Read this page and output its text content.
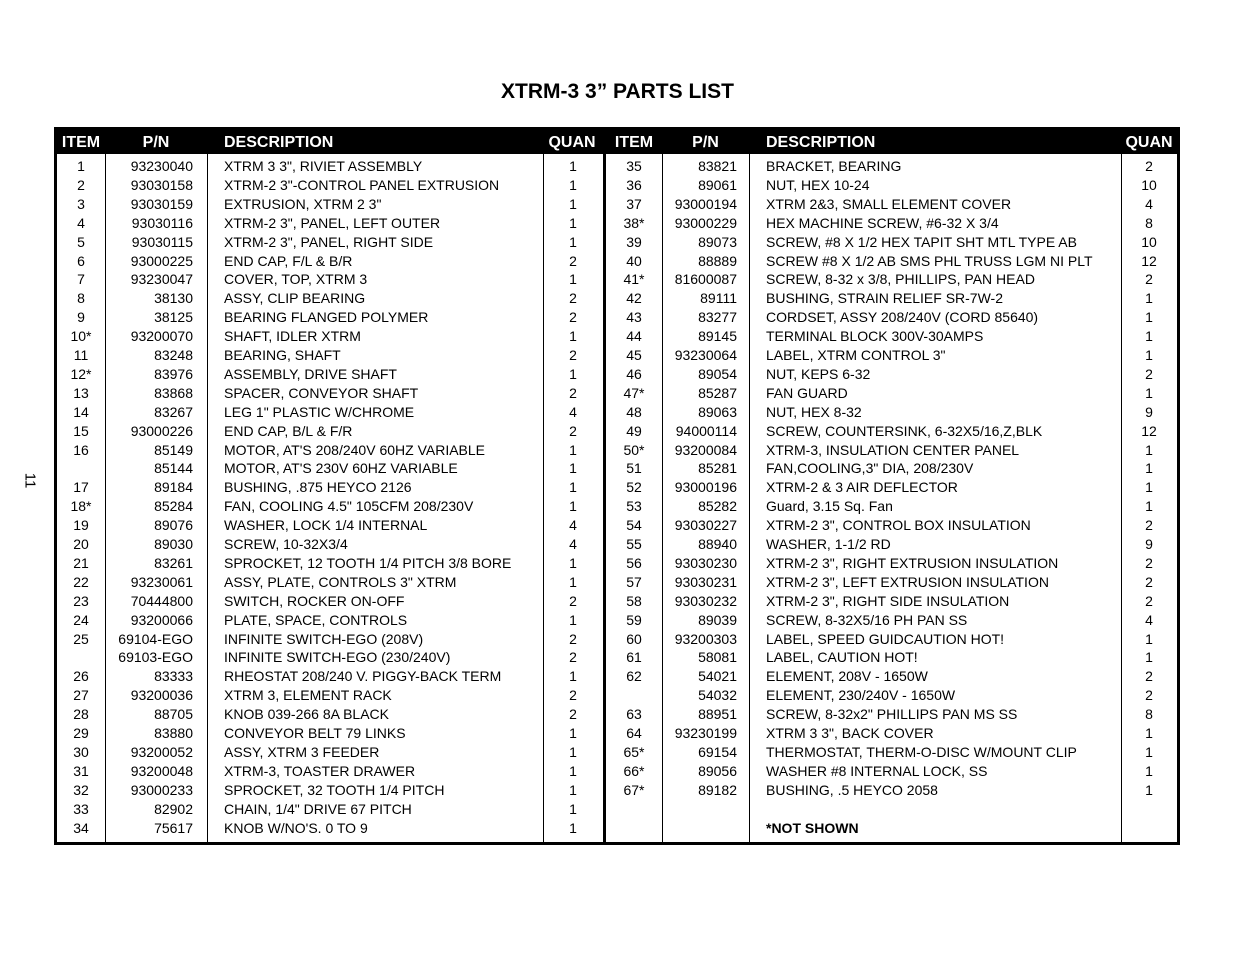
XTRM-3 3” PARTS LIST
11
ITEM	P/N	DESCRIPTION	QUAN	ITEM	P/N	DESCRIPTION	QUAN
1	93230040 XTRM 3 3", RIVIET ASSEMBLY	1
2	93030158 XTRM-2 3"-CONTROL PANEL EXTRUSION	1
3	93030159 EXTRUSION, XTRM 2 3"	1
4	93030116 XTRM-2 3", PANEL, LEFT OUTER	1
5	93030115 XTRM-2 3", PANEL, RIGHT SIDE	1
6	93000225 END CAP, F/L & B/R	2
7	93230047 COVER, TOP, XTRM 3	1
8	38130 ASSY, CLIP BEARING	2
9	38125 BEARING FLANGED POLYMER	2
10*	93200070 SHAFT, IDLER XTRM	1
11	83248 BEARING, SHAFT	2
12*	83976 ASSEMBLY, DRIVE SHAFT	1
13	83868 SPACER, CONVEYOR SHAFT	2
14	83267 LEG 1" PLASTIC W/CHROME	4
15	93000226 END CAP, B/L & F/R	2
16	85149 MOTOR, AT'S 208/240V 60HZ VARIABLE	1
85144 MOTOR, AT'S 230V 60HZ VARIABLE	1
17	89184 BUSHING, .875 HEYCO 2126	1
18*	85284 FAN, COOLING 4.5" 105CFM 208/230V	1
19	89076 WASHER, LOCK 1/4 INTERNAL	4
20	89030 SCREW, 10-32X3/4	4
21	83261 SPROCKET, 12 TOOTH 1/4 PITCH 3/8 BORE	1
22	93230061 ASSY, PLATE, CONTROLS 3" XTRM	1
23	70444800 SWITCH, ROCKER ON-OFF	2
24	93200066 PLATE, SPACE, CONTROLS	1
25	69104-EGO INFINITE SWITCH-EGO (208V)	2
69103-EGO INFINITE SWITCH-EGO (230/240V)	2
26	83333 RHEOSTAT 208/240 V. PIGGY-BACK TERM	1
27	93200036 XTRM 3, ELEMENT RACK	2
28	88705 KNOB 039-266 8A BLACK	2
29	83880 CONVEYOR BELT 79 LINKS	1
30	93200052 ASSY, XTRM 3 FEEDER	1
31	93200048 XTRM-3, TOASTER DRAWER	1
32	93000233 SPROCKET, 32 TOOTH 1/4 PITCH	1
33	82902 CHAIN, 1/4" DRIVE 67 PITCH	1
34	75617 KNOB W/NO'S. 0 TO 9	1
35	83821 BRACKET, BEARING	2
36	89061 NUT, HEX 10-24	10
37	93000194 XTRM 2&3, SMALL ELEMENT COVER	4
38*	93000229 HEX MACHINE SCREW, #6-32 X 3/4	8
39	89073 SCREW, #8 X 1/2 HEX TAPIT SHT MTL TYPE AB	10
40	88889 SCREW #8 X 1/2 AB SMS PHL TRUSS LGM NI PLT	12
41*	81600087 SCREW, 8-32 x 3/8, PHILLIPS, PAN HEAD	2
42	89111 BUSHING, STRAIN RELIEF SR-7W-2	1
43	83277 CORDSET, ASSY 208/240V (CORD 85640)	1
44	89145 TERMINAL BLOCK 300V-30AMPS	1
45	93230064 LABEL, XTRM CONTROL 3"	1
46	89054 NUT, KEPS 6-32	2
47*	85287 FAN GUARD	1
48	89063 NUT, HEX 8-32	9
49	94000114 SCREW, COUNTERSINK, 6-32X5/16,Z,BLK	12
50*	93200084 XTRM-3, INSULATION CENTER PANEL	1
51	85281 FAN,COOLING,3" DIA, 208/230V	1
52	93000196 XTRM-2 & 3 AIR DEFLECTOR	1
53	85282 Guard, 3.15 Sq. Fan	1
54	93030227 XTRM-2 3", CONTROL BOX INSULATION	2
55	88940 WASHER, 1-1/2 RD	9
56	93030230 XTRM-2 3", RIGHT EXTRUSION INSULATION	2
57	93030231 XTRM-2 3", LEFT EXTRUSION INSULATION	2
58	93030232 XTRM-2 3", RIGHT SIDE INSULATION	2
59	89039 SCREW, 8-32X5/16 PH PAN SS	4
60	93200303 LABEL, SPEED GUIDCAUTION HOT!	1
61	58081 LABEL, CAUTION HOT!	1
62	54021 ELEMENT, 208V - 1650W	2
54032 ELEMENT, 230/240V - 1650W	2
63	88951 SCREW, 8-32x2" PHILLIPS PAN MS SS	8
64	93230199 XTRM 3 3", BACK COVER	1
65*	69154 THERMOSTAT, THERM-O-DISC W/MOUNT CLIP	1
66*	89056 WASHER #8 INTERNAL LOCK, SS	1
67*	89182 BUSHING, .5 HEYCO 2058	1
*NOT SHOWN
